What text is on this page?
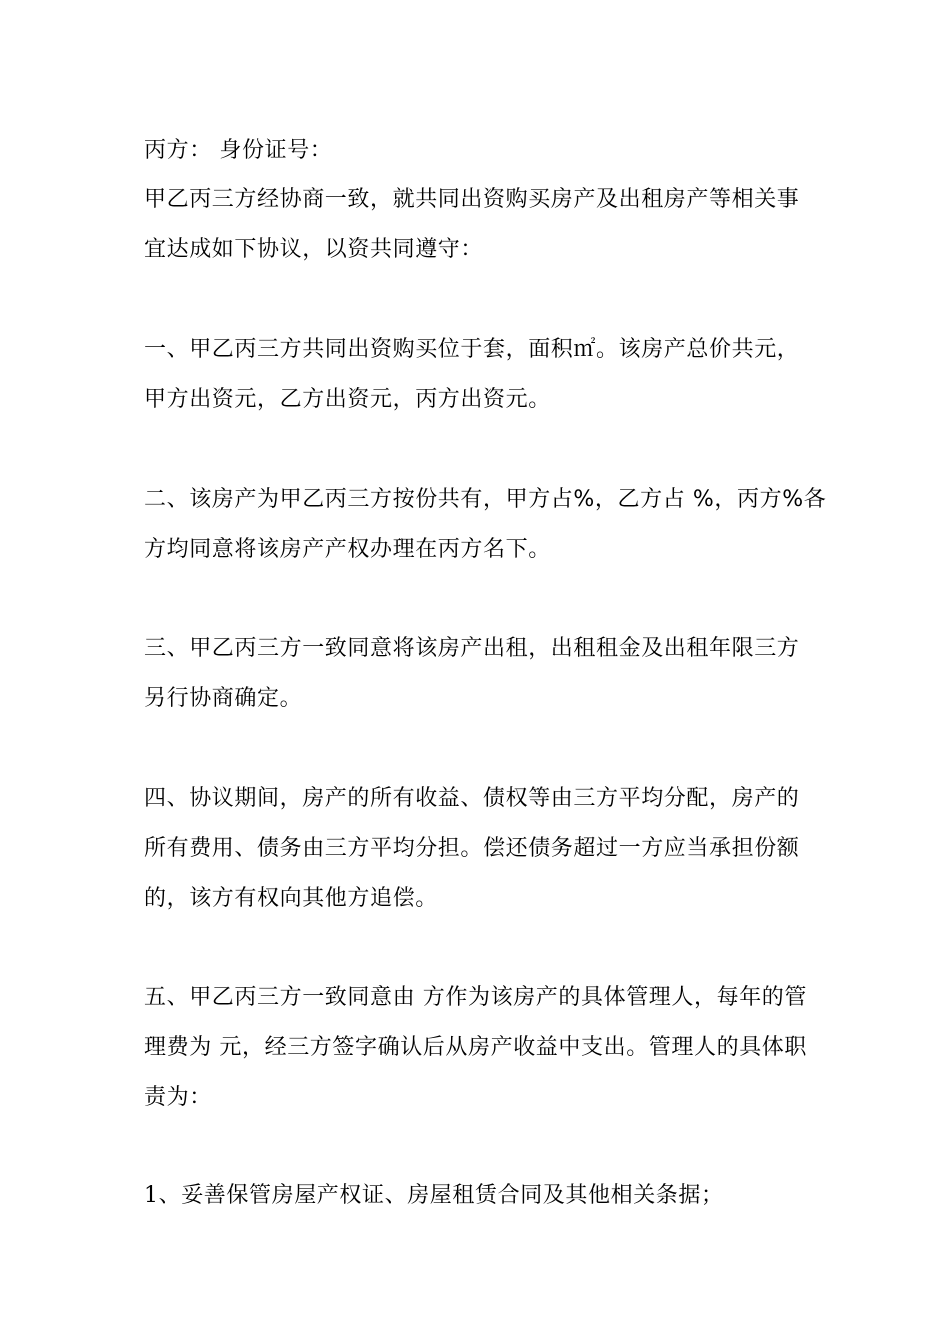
丙方： 身份证号：
甲乙丙三方经协商一致，就共同出资购买房产及出租房产等相关事
宜达成如下协议，以资共同遵守：
一、甲乙丙三方共同出资购买位于套，面积㎡。该房产总价共元，
甲方出资元，乙方出资元，丙方出资元。
二、该房产为甲乙丙三方按份共有，甲方占%，乙方占 %，丙方%各
方均同意将该房产产权办理在丙方名下。
三、甲乙丙三方一致同意将该房产出租，出租租金及出租年限三方
另行协商确定。
四、协议期间，房产的所有收益、债权等由三方平均分配，房产的
所有费用、债务由三方平均分担。偿还债务超过一方应当承担份额
的，该方有权向其他方追偿。
五、甲乙丙三方一致同意由 方作为该房产的具体管理人，每年的管
理费为 元，经三方签字确认后从房产收益中支出。管理人的具体职
责为：
1、妥善保管房屋产权证、房屋租赁合同及其他相关条据；
